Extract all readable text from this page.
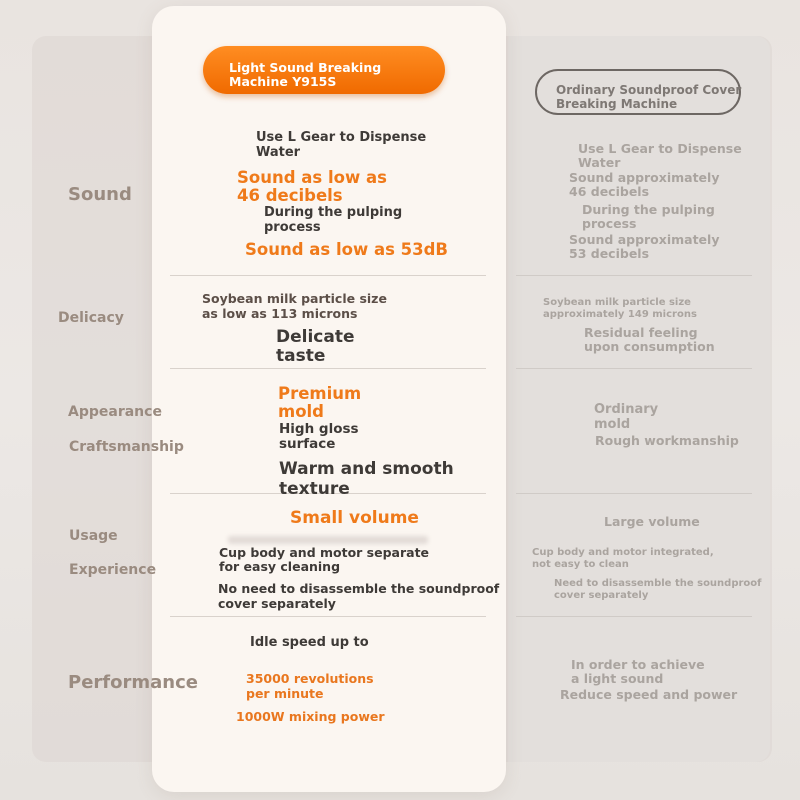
Light Sound Breaking
Machine Y915S
Ordinary Soundproof Cover
Breaking Machine
Sound
Delicacy
Appearance
Craftsmanship
Usage
Experience
Performance
Use L Gear to Dispense
Water
Sound as low as
46 decibels
During the pulping
process
Sound as low as 53dB
Soybean milk particle size
as low as 113 microns
Delicate
taste
Premium
mold
High gloss
surface
Warm and smooth
texture
Small volume
Cup body and motor separate
for easy cleaning
No need to disassemble the soundproof
cover separately
Idle speed up to
35000 revolutions
per minute
1000W mixing power
Use L Gear to Dispense
Water
Sound approximately
46 decibels
During the pulping
process
Sound approximately
53 decibels
Soybean milk particle size
approximately 149 microns
Residual feeling
upon consumption
Ordinary
mold
Rough workmanship
Large volume
Cup body and motor integrated,
not easy to clean
Need to disassemble the soundproof
cover separately
In order to achieve
a light sound
Reduce speed and power
